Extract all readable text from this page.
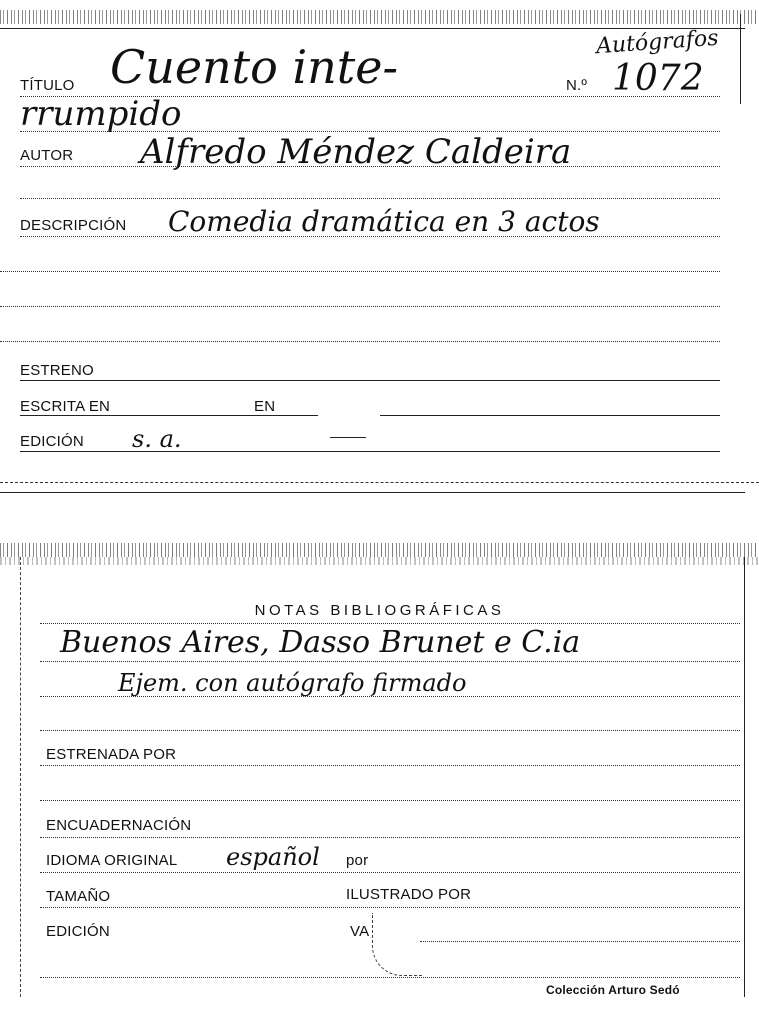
Autógrafos
TÍTULO Cuento inte-	N.º 1072
rrumpido
AUTOR Alfredo Méndez Caldeira
DESCRIPCIÓN Comedia dramática en 3 actos
ESTRENO
ESCRITA EN	EN
EDICIÓN s. a.
NOTAS BIBLIOGRÁFICAS
Buenos Aires, Dasso Brunet e C.ia
Ejem. con autógrafo firmado
ESTRENADA POR
ENCUADERNACIÓN
IDIOMA ORIGINAL español por
TAMAÑO	ILUSTRADO POR
EDICIÓN	VA
Colección Arturo Sedó
